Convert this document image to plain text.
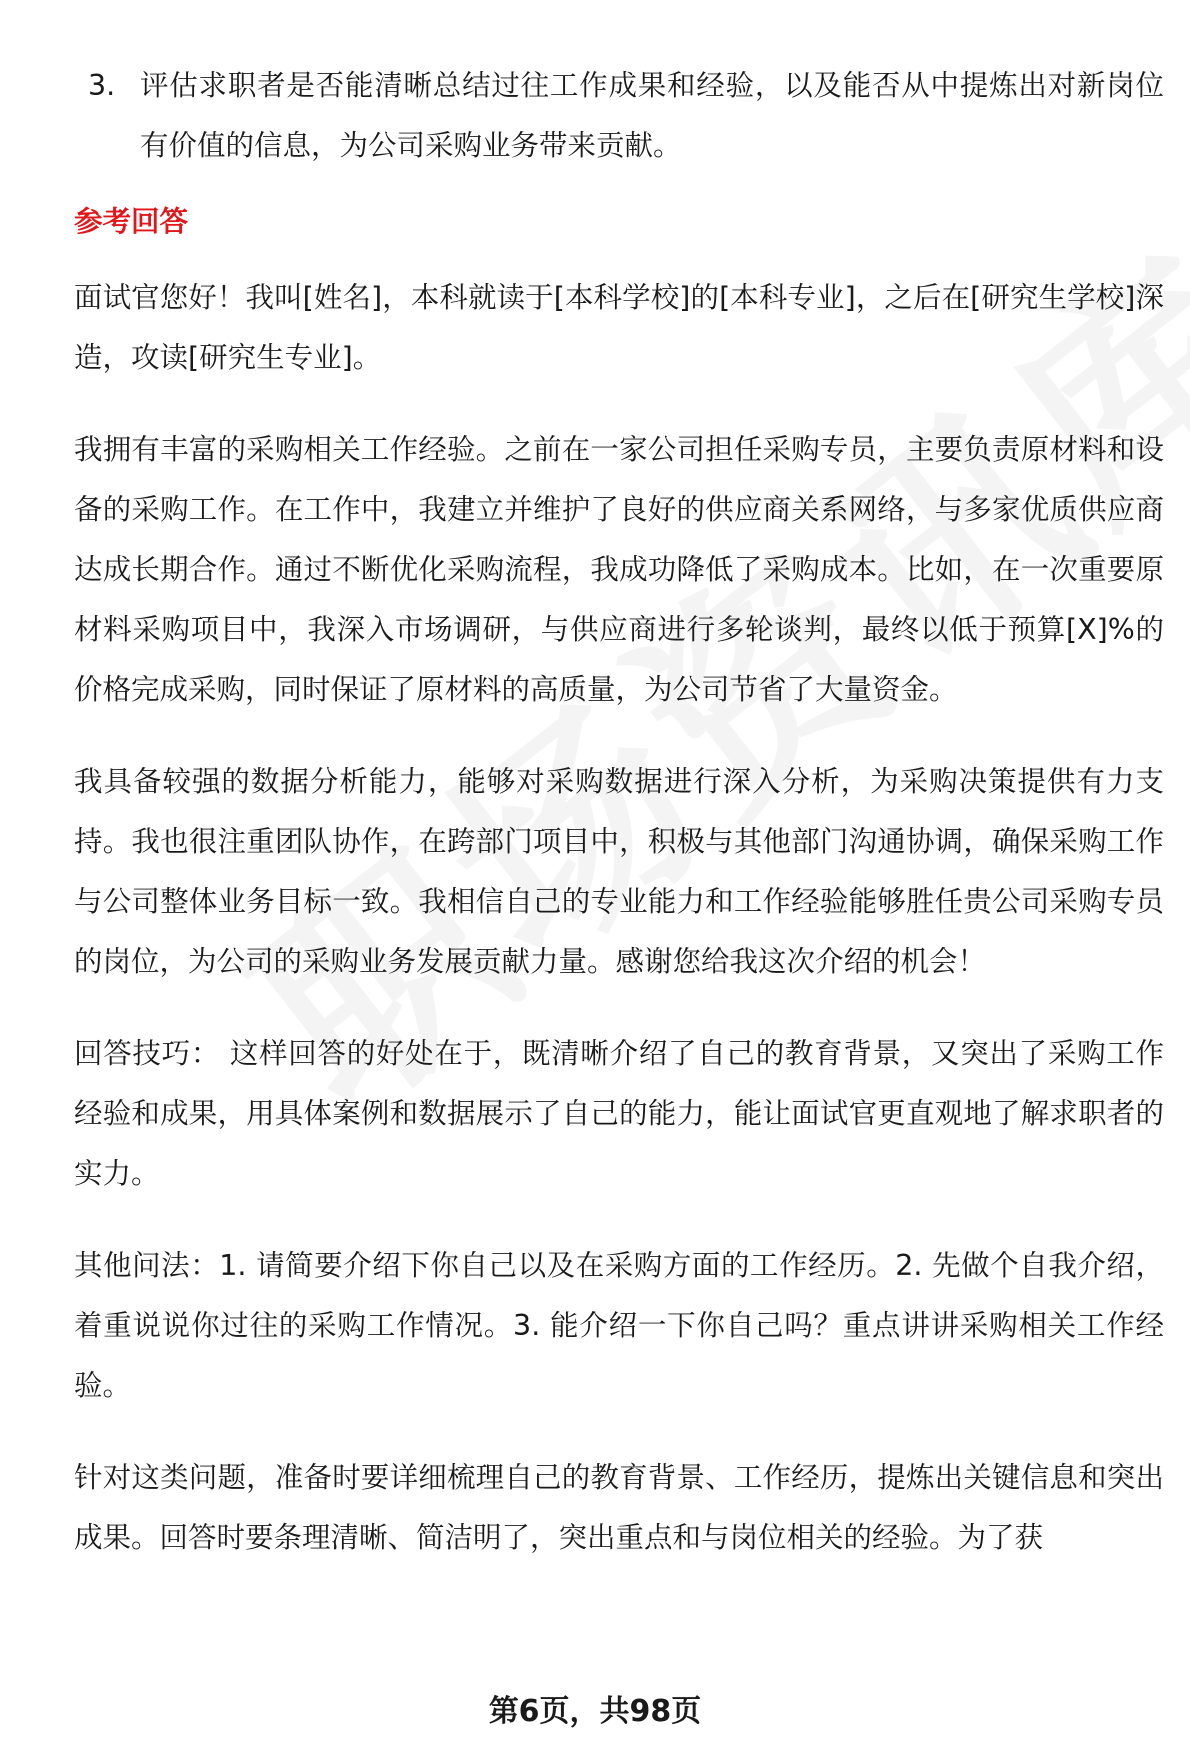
3. 评估求职者是否能清晰总结过往工作成果和经验，以及能否从中提炼出对新岗位有价值的信息，为公司采购业务带来贡献。

参考回答

面试官您好！我叫[姓名]，本科就读于[本科学校]的[本科专业]，之后在[研究生学校]深造，攻读[研究生专业]。

我拥有丰富的采购相关工作经验。之前在一家公司担任采购专员，主要负责原材料和设备的采购工作。在工作中，我建立并维护了良好的供应商关系网络，与多家优质供应商达成长期合作。通过不断优化采购流程，我成功降低了采购成本。比如，在一次重要原材料采购项目中，我深入市场调研，与供应商进行多轮谈判，最终以低于预算[X]%的价格完成采购，同时保证了原材料的高质量，为公司节省了大量资金。

我具备较强的数据分析能力，能够对采购数据进行深入分析，为采购决策提供有力支持。我也很注重团队协作，在跨部门项目中，积极与其他部门沟通协调，确保采购工作与公司整体业务目标一致。我相信自己的专业能力和工作经验能够胜任贵公司采购专员的岗位，为公司的采购业务发展贡献力量。感谢您给我这次介绍的机会！

回答技巧： 这样回答的好处在于，既清晰介绍了自己的教育背景，又突出了采购工作经验和成果，用具体案例和数据展示了自己的能力，能让面试官更直观地了解求职者的实力。

其他问法：1. 请简要介绍下你自己以及在采购方面的工作经历。2. 先做个自我介绍，着重说说你过往的采购工作情况。3. 能介绍一下你自己吗？重点讲讲采购相关工作经验。

针对这类问题，准备时要详细梳理自己的教育背景、工作经历，提炼出关键信息和突出成果。回答时要条理清晰、简洁明了，突出重点和与岗位相关的经验。为了获

第6页，共98页
